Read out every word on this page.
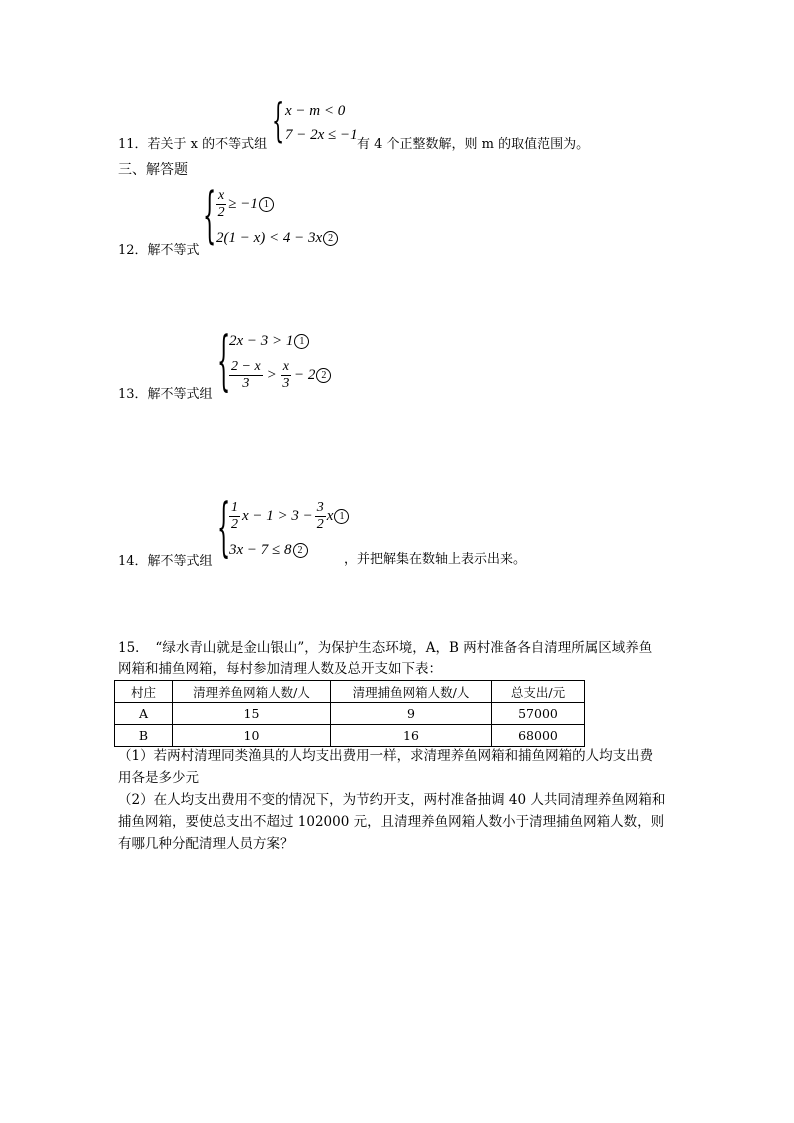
{ x − m < 0
7 − 2x ≤ −1
11．若关于 x 的不等式组	有 4 个正整数解，则 m 的取值范围为。
三、解答题
{ $\frac{x}{2} \ge -1$ 1
2(1 − x) < 4 − 3x 2
12．解不等式
{
2x − 3 > 1 1
$\frac{2 - x}{3} > \frac{x}{3} - 2$ 2
13．解不等式组
{
$\frac{1}{2}$ $x - 1 > 3 - \frac{3}{2}$ x 1
3x − 7 ≤ 8 2
14．解不等式组	，并把解集在数轴上表示出来。
15．　“绿水青山就是金山银山”，为保护生态环境，A，B 两村准备各自清理所属区域养鱼
网箱和捕鱼网箱，每村参加清理人数及总开支如下表：
村庄	清理养鱼网箱人数/人	清理捕鱼网箱人数/人	总支出/元
A	15	9	57000
B	10	16	68000
（1）若两村清理同类渔具的人均支出费用一样，求清理养鱼网箱和捕鱼网箱的人均支出费
用各是多少元
（2）在人均支出费用不变的情况下，为节约开支，两村准备抽调 40 人共同清理养鱼网箱和
捕鱼网箱，要使总支出不超过 102000 元，且清理养鱼网箱人数小于清理捕鱼网箱人数，则
有哪几种分配清理人员方案？
